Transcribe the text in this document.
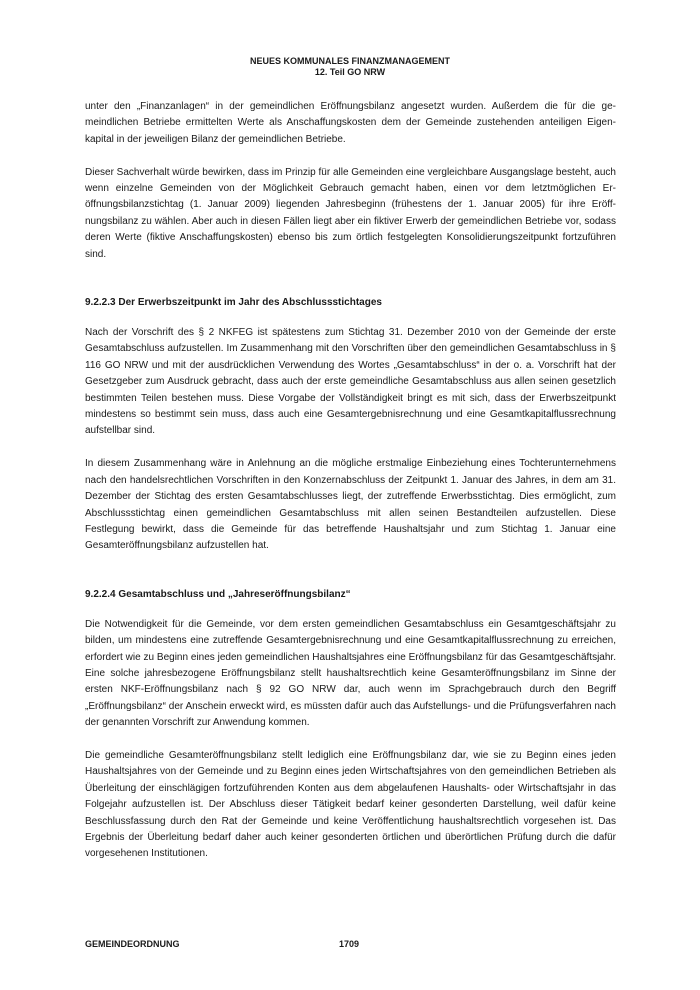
NEUES KOMMUNALES FINANZMANAGEMENT
12. Teil GO NRW

unter den „Finanzanlagen“ in der gemeindlichen Eröffnungsbilanz angesetzt wurden. Außerdem die für die gemeindlichen Betriebe ermittelten Werte als Anschaffungskosten dem der Gemeinde zustehenden anteiligen Eigenkapital in der jeweiligen Bilanz der gemeindlichen Betriebe.

Dieser Sachverhalt würde bewirken, dass im Prinzip für alle Gemeinden eine vergleichbare Ausgangslage besteht, auch wenn einzelne Gemeinden von der Möglichkeit Gebrauch gemacht haben, einen vor dem letztmöglichen Eröffnungsbilanzstichtag (1. Januar 2009) liegenden Jahresbeginn (frühestens der 1. Januar 2005) für ihre Eröffnungsbilanz zu wählen. Aber auch in diesen Fällen liegt aber ein fiktiver Erwerb der gemeindlichen Betriebe vor, sodass deren Werte (fiktive Anschaffungskosten) ebenso bis zum örtlich festgelegten Konsolidierungszeitpunkt fortzuführen sind.

9.2.2.3 Der Erwerbszeitpunkt im Jahr des Abschlussstichtages

Nach der Vorschrift des § 2 NKFEG ist spätestens zum Stichtag 31. Dezember 2010 von der Gemeinde der erste Gesamtabschluss aufzustellen. Im Zusammenhang mit den Vorschriften über den gemeindlichen Gesamtabschluss in § 116 GO NRW und mit der ausdrücklichen Verwendung des Wortes „Gesamtabschluss“ in der o. a. Vorschrift hat der Gesetzgeber zum Ausdruck gebracht, dass auch der erste gemeindliche Gesamtabschluss aus allen seinen gesetzlich bestimmten Teilen bestehen muss. Diese Vorgabe der Vollständigkeit bringt es mit sich, dass der Erwerbszeitpunkt mindestens so bestimmt sein muss, dass auch eine Gesamtergebnisrechnung und eine Gesamtkapitalflussrechnung aufstellbar sind.

In diesem Zusammenhang wäre in Anlehnung an die mögliche erstmalige Einbeziehung eines Tochterunternehmens nach den handelsrechtlichen Vorschriften in den Konzernabschluss der Zeitpunkt 1. Januar des Jahres, in dem am 31. Dezember der Stichtag des ersten Gesamtabschlusses liegt, der zutreffende Erwerbsstichtag. Dies ermöglicht, zum Abschlussstichtag einen gemeindlichen Gesamtabschluss mit allen seinen Bestandteilen aufzustellen. Diese Festlegung bewirkt, dass die Gemeinde für das betreffende Haushaltsjahr und zum Stichtag 1. Januar eine Gesamteröffnungsbilanz aufzustellen hat.

9.2.2.4 Gesamtabschluss und „Jahreseröffnungsbilanz“

Die Notwendigkeit für die Gemeinde, vor dem ersten gemeindlichen Gesamtabschluss ein Gesamtgeschäftsjahr zu bilden, um mindestens eine zutreffende Gesamtergebnisrechnung und eine Gesamtkapitalflussrechnung zu erreichen, erfordert wie zu Beginn eines jeden gemeindlichen Haushaltsjahres eine Eröffnungsbilanz für das Gesamtgeschäftsjahr. Eine solche jahresbezogene Eröffnungsbilanz stellt haushaltsrechtlich keine Gesamteröffnungsbilanz im Sinne der ersten NKF-Eröffnungsbilanz nach § 92 GO NRW dar, auch wenn im Sprachgebrauch durch den Begriff „Eröffnungsbilanz“ der Anschein erweckt wird, es müssten dafür auch das Aufstellungs- und die Prüfungsverfahren nach der genannten Vorschrift zur Anwendung kommen.

Die gemeindliche Gesamteröffnungsbilanz stellt lediglich eine Eröffnungsbilanz dar, wie sie zu Beginn eines jeden Haushaltsjahres von der Gemeinde und zu Beginn eines jeden Wirtschaftsjahres von den gemeindlichen Betrieben als Überleitung der einschlägigen fortzuführenden Konten aus dem abgelaufenen Haushalts- oder Wirtschaftsjahr in das Folgejahr aufzustellen ist. Der Abschluss dieser Tätigkeit bedarf keiner gesonderten Darstellung, weil dafür keine Beschlussfassung durch den Rat der Gemeinde und keine Veröffentlichung haushaltsrechtlich vorgesehen ist. Das Ergebnis der Überleitung bedarf daher auch keiner gesonderten örtlichen und überörtlichen Prüfung durch die dafür vorgesehenen Institutionen.

GEMEINDEORDNUNG	1709
